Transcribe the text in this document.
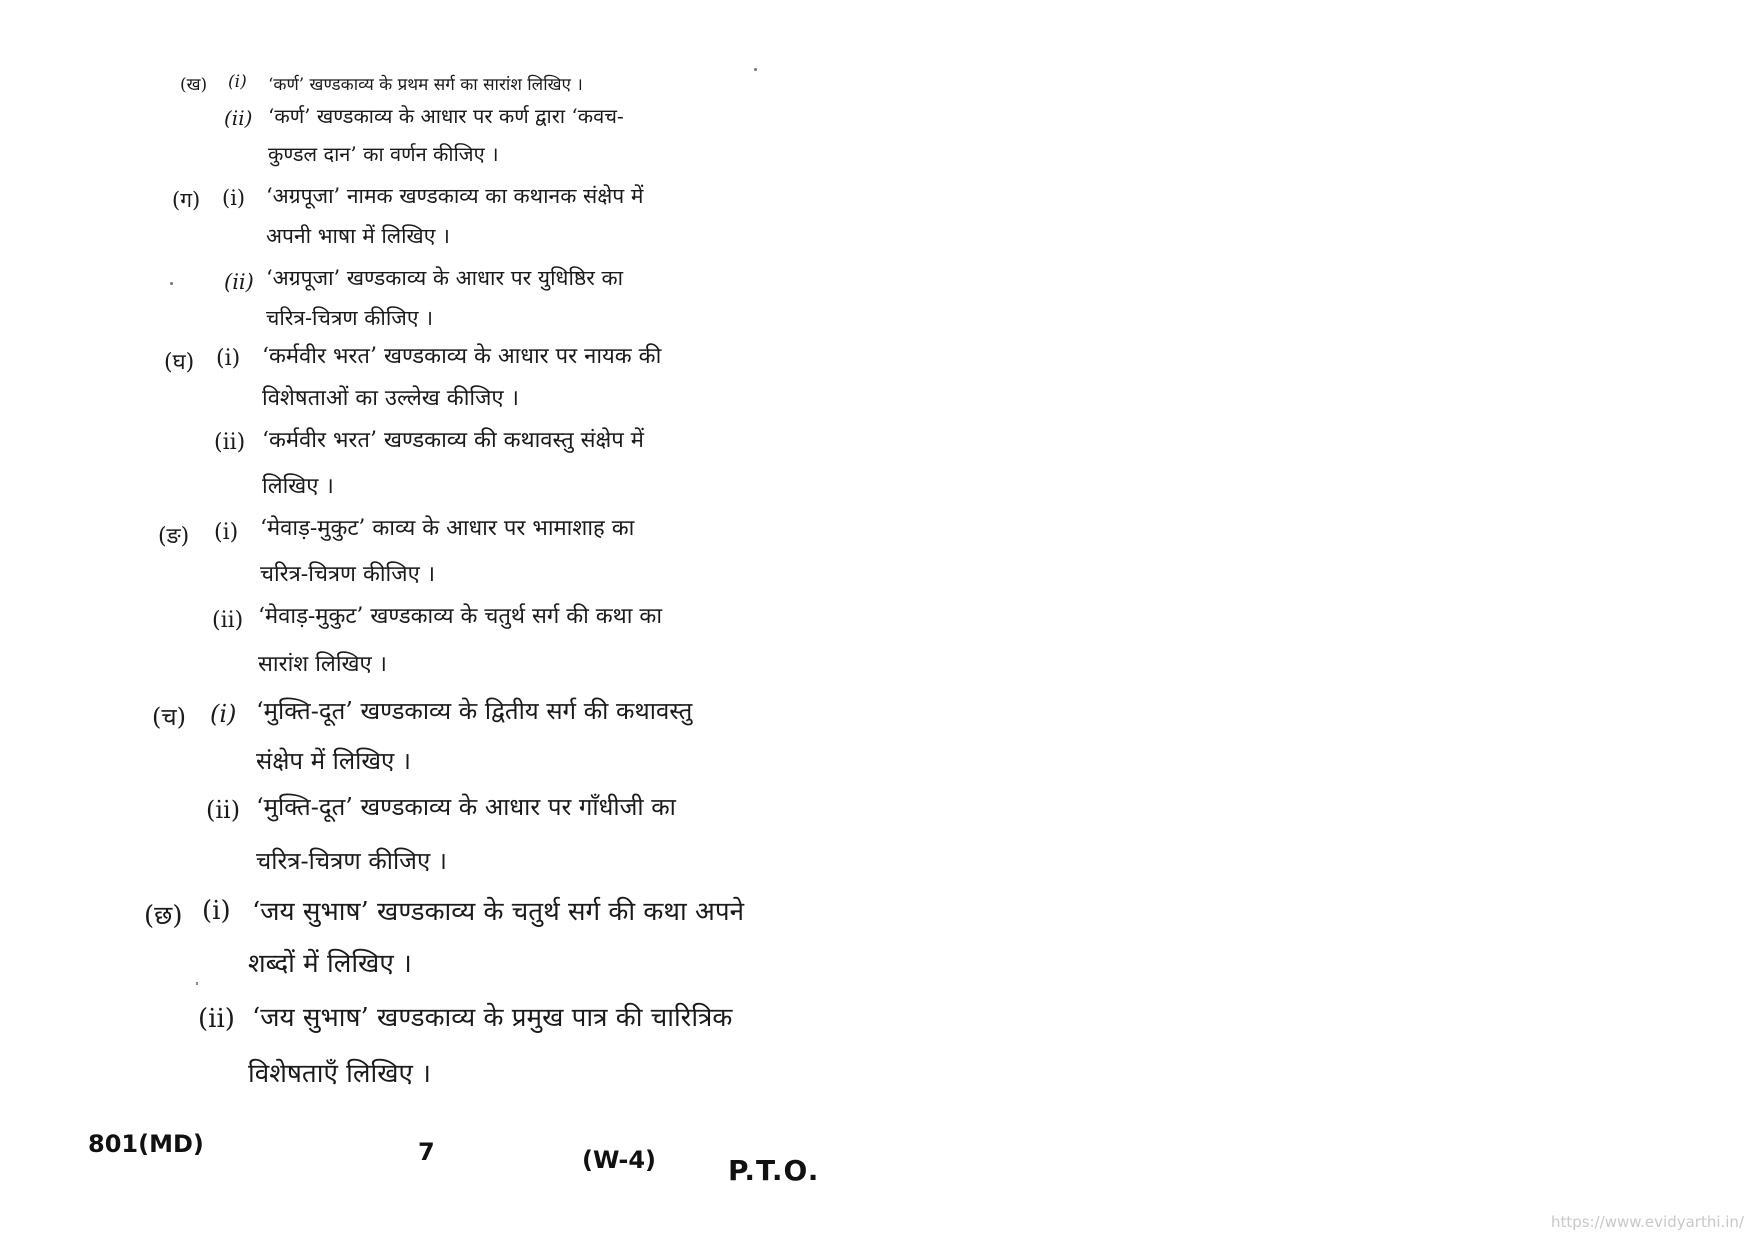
(ख) (i) ‘कर्ण’ खण्डकाव्य के प्रथम सर्ग का सारांश लिखिए ।
(ii) ‘कर्ण’ खण्डकाव्य के आधार पर कर्ण द्वारा ‘कवच-
कुण्डल दान’ का वर्णन कीजिए ।
(ग) (i) ‘अग्रपूजा’ नामक खण्डकाव्य का कथानक संक्षेप में
अपनी भाषा में लिखिए ।
(ii) ‘अग्रपूजा’ खण्डकाव्य के आधार पर युधिष्ठिर का
चरित्र-चित्रण कीजिए ।
(घ) (i) ‘कर्मवीर भरत’ खण्डकाव्य के आधार पर नायक की
विशेषताओं का उल्लेख कीजिए ।
(ii) ‘कर्मवीर भरत’ खण्डकाव्य की कथावस्तु संक्षेप में
लिखिए ।
(ङ) (i) ‘मेवाड़-मुकुट’ काव्य के आधार पर भामाशाह का
चरित्र-चित्रण कीजिए ।
(ii) ‘मेवाड़-मुकुट’ खण्डकाव्य के चतुर्थ सर्ग की कथा का
सारांश लिखिए ।
(च) (i) ‘मुक्ति-दूत’ खण्डकाव्य के द्वितीय सर्ग की कथावस्तु
संक्षेप में लिखिए ।
(ii) ‘मुक्ति-दूत’ खण्डकाव्य के आधार पर गाँधीजी का
चरित्र-चित्रण कीजिए ।
(छ) (i) ‘जय सुभाष’ खण्डकाव्य के चतुर्थ सर्ग की कथा अपने
शब्दों में लिखिए ।
(ii) ‘जय सुभाष’ खण्डकाव्य के प्रमुख पात्र की चारित्रिक
विशेषताएँ लिखिए ।
801(MD)	7	(W-4)	P.T.O.
https://www.evidyarthi.in/
